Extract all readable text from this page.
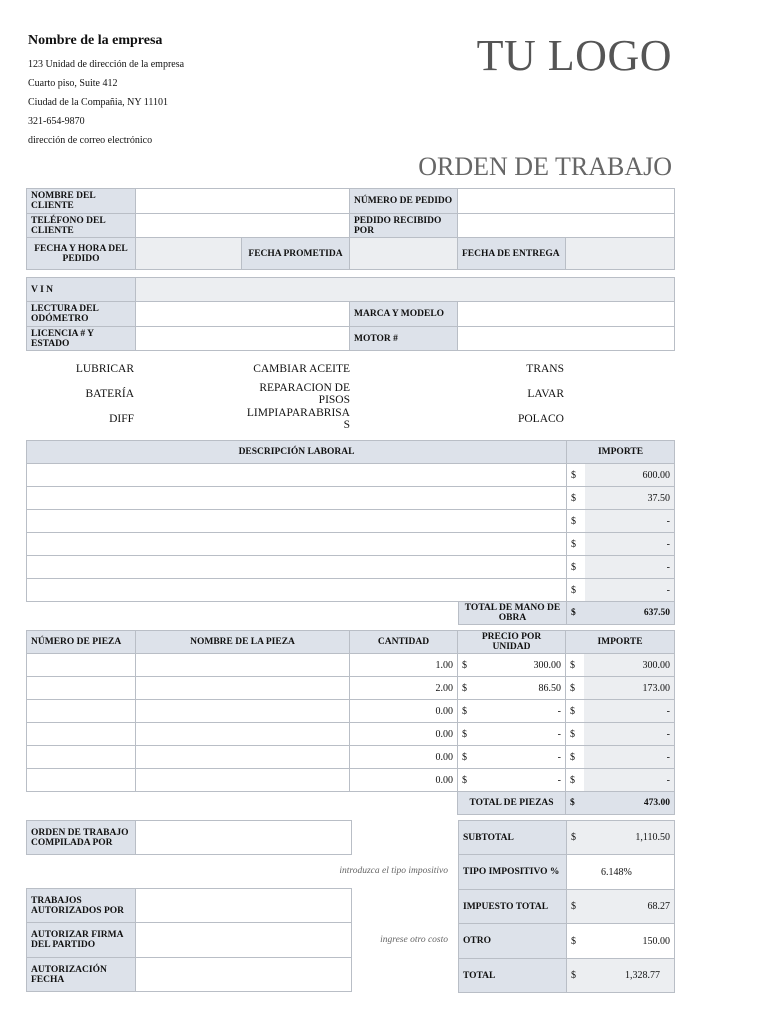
Nombre de la empresa
123 Unidad de dirección de la empresa
Cuarto piso, Suite 412
Ciudad de la Compañia, NY 11101
321-654-9870
dirección de correo electrónico
TU LOGO
ORDEN DE TRABAJO
NOMBRE DEL CLIENTE			NÚMERO DE PEDIDO		
TELÉFONO DEL CLIENTE			PEDIDO RECIBIDO POR		
FECHA Y HORA DEL PEDIDO		FECHA PROMETIDA		FECHA DE ENTREGA	
V I N			
LECTURA DEL ODÓMETRO		MARCA Y MODELO	
LICENCIA # Y ESTADO		MOTOR #	
LUBRICAR	CAMBIAR ACEITE	TRANS
BATERÍA	REPARACION DE PISOS	LAVAR
DIFF	LIMPIAPARABRISAS	POLACO
DESCRIPCIÓN LABORAL		IMPORTE	
		$	600.00
		$	37.50
		$	-
		$	-
		$	-
		$	-
	TOTAL DE MANO DE OBRA	$	637.50
NÚMERO DE PIEZA	NOMBRE DE LA PIEZA	CANTIDAD	PRECIO POR UNIDAD		IMPORTE	
		1.00	$	300.00	$	300.00
		2.00	$	86.50	$	173.00
		0.00	$	-	$	-
		0.00	$	-	$	-
		0.00	$	-	$	-
		0.00	$	-	$	-
			TOTAL DE PIEZAS		$	473.00
ORDEN DE TRABAJO COMPILADA POR	
TRABAJOS AUTORIZADOS POR	
AUTORIZAR FIRMA DEL PARTIDO	
AUTORIZACIÓN FECHA	
introduzca el tipo impositivo
ingrese otro costo
SUBTOTAL	$	1,110.50
TIPO IMPOSITIVO %	6.148%	
IMPUESTO TOTAL	$	68.27
OTRO	$	150.00
TOTAL	$	1,328.77
